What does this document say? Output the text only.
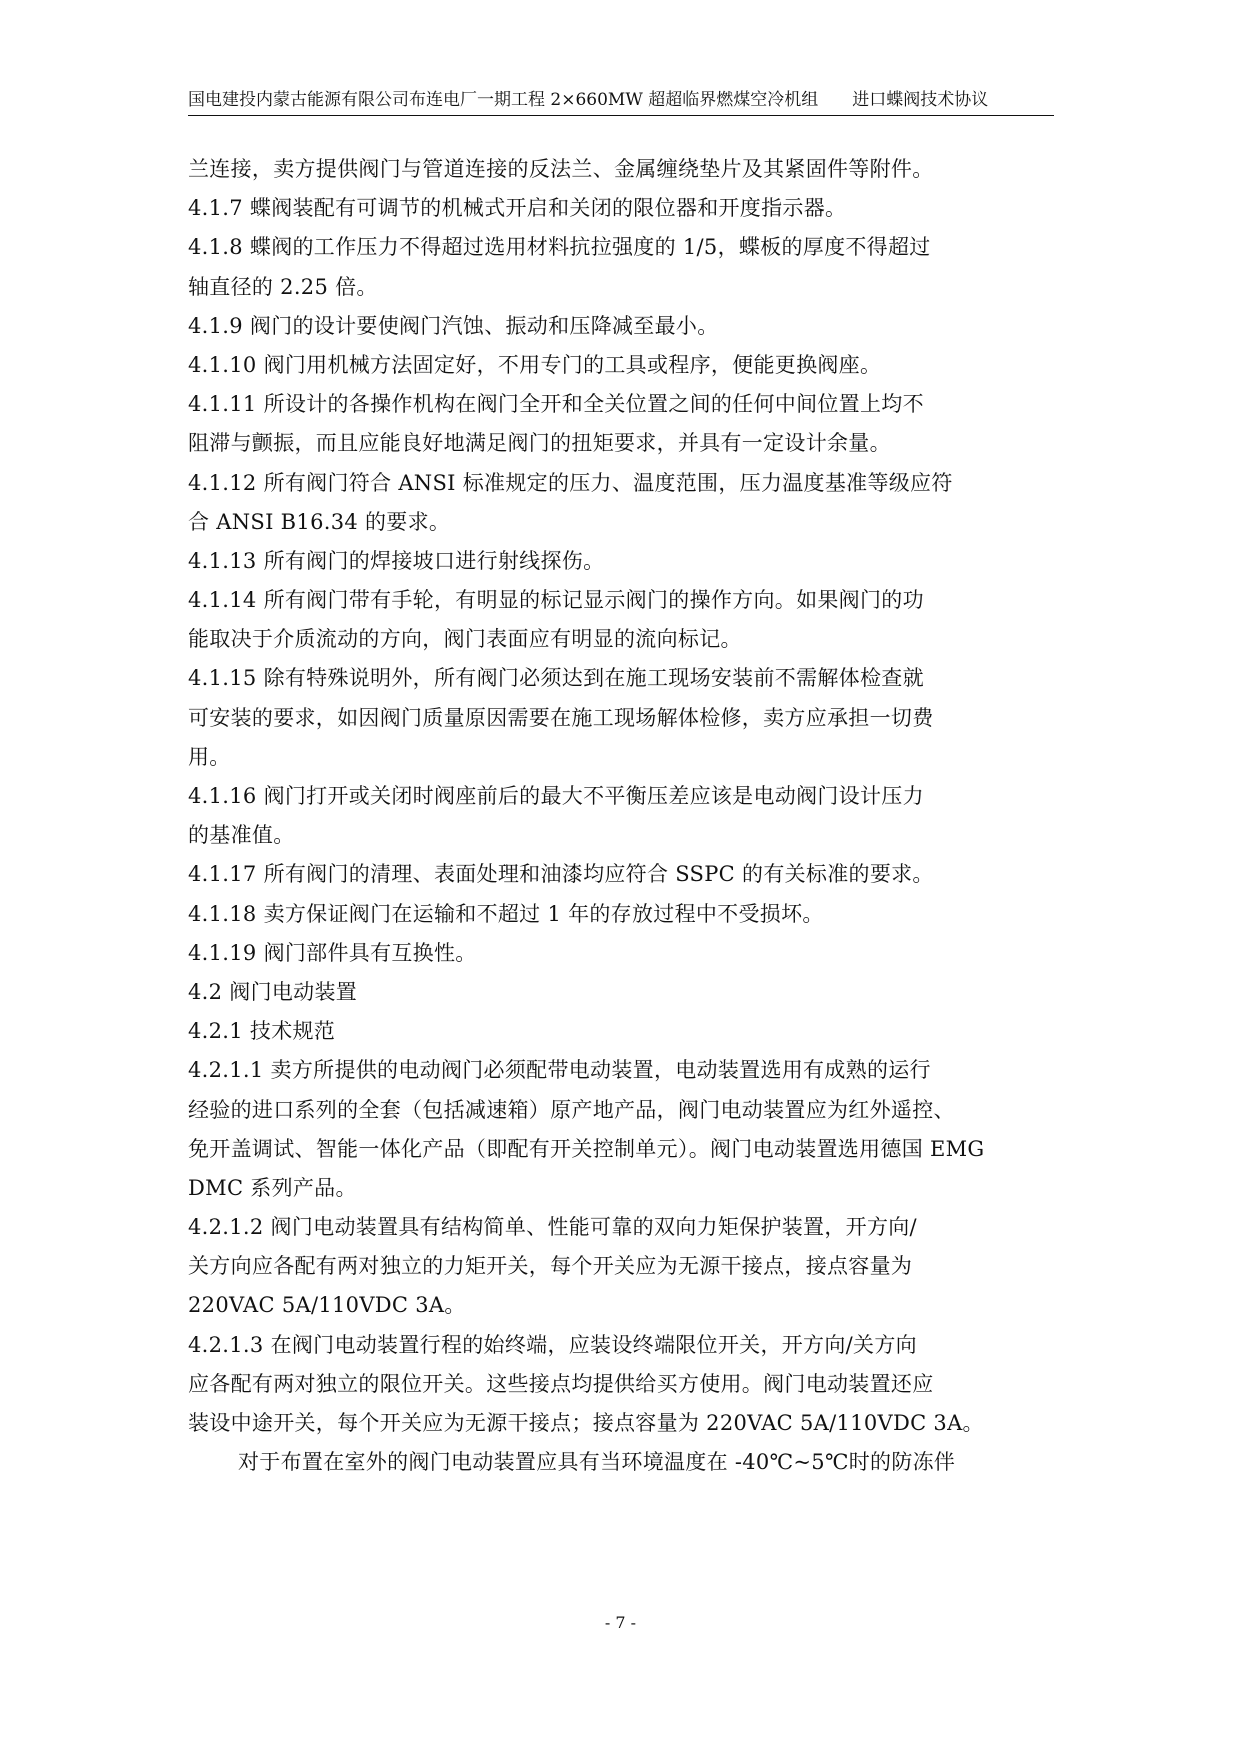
国电建投内蒙古能源有限公司布连电厂一期工程 2×660MW 超超临界燃煤空冷机组 进口蝶阀技术协议
兰连接，卖方提供阀门与管道连接的反法兰、金属缠绕垫片及其紧固件等附件。
4.1.7 蝶阀装配有可调节的机械式开启和关闭的限位器和开度指示器。
4.1.8 蝶阀的工作压力不得超过选用材料抗拉强度的 1/5，蝶板的厚度不得超过
轴直径的 2.25 倍。
4.1.9 阀门的设计要使阀门汽蚀、振动和压降减至最小。
4.1.10 阀门用机械方法固定好，不用专门的工具或程序，便能更换阀座。
4.1.11 所设计的各操作机构在阀门全开和全关位置之间的任何中间位置上均不
阻滞与颤振，而且应能良好地满足阀门的扭矩要求，并具有一定设计余量。
4.1.12 所有阀门符合 ANSI 标准规定的压力、温度范围，压力温度基准等级应符
合 ANSI B16.34 的要求。
4.1.13 所有阀门的焊接坡口进行射线探伤。
4.1.14 所有阀门带有手轮，有明显的标记显示阀门的操作方向。如果阀门的功
能取决于介质流动的方向，阀门表面应有明显的流向标记。
4.1.15 除有特殊说明外，所有阀门必须达到在施工现场安装前不需解体检查就
可安装的要求，如因阀门质量原因需要在施工现场解体检修，卖方应承担一切费
用。
4.1.16 阀门打开或关闭时阀座前后的最大不平衡压差应该是电动阀门设计压力
的基准值。
4.1.17 所有阀门的清理、表面处理和油漆均应符合 SSPC 的有关标准的要求。
4.1.18 卖方保证阀门在运输和不超过 1 年的存放过程中不受损坏。
4.1.19 阀门部件具有互换性。
4.2 阀门电动装置
4.2.1 技术规范
4.2.1.1 卖方所提供的电动阀门必须配带电动装置，电动装置选用有成熟的运行
经验的进口系列的全套（包括减速箱）原产地产品，阀门电动装置应为红外遥控、
免开盖调试、智能一体化产品（即配有开关控制单元）。阀门电动装置选用德国 EMG
DMC 系列产品。
4.2.1.2 阀门电动装置具有结构简单、性能可靠的双向力矩保护装置，开方向/
关方向应各配有两对独立的力矩开关，每个开关应为无源干接点，接点容量为
220VAC 5A/110VDC 3A。
4.2.1.3 在阀门电动装置行程的始终端，应装设终端限位开关，开方向/关方向
应各配有两对独立的限位开关。这些接点均提供给买方使用。阀门电动装置还应
装设中途开关，每个开关应为无源干接点；接点容量为 220VAC 5A/110VDC 3A。
对于布置在室外的阀门电动装置应具有当环境温度在 -40℃~5℃时的防冻伴
- 7 -
